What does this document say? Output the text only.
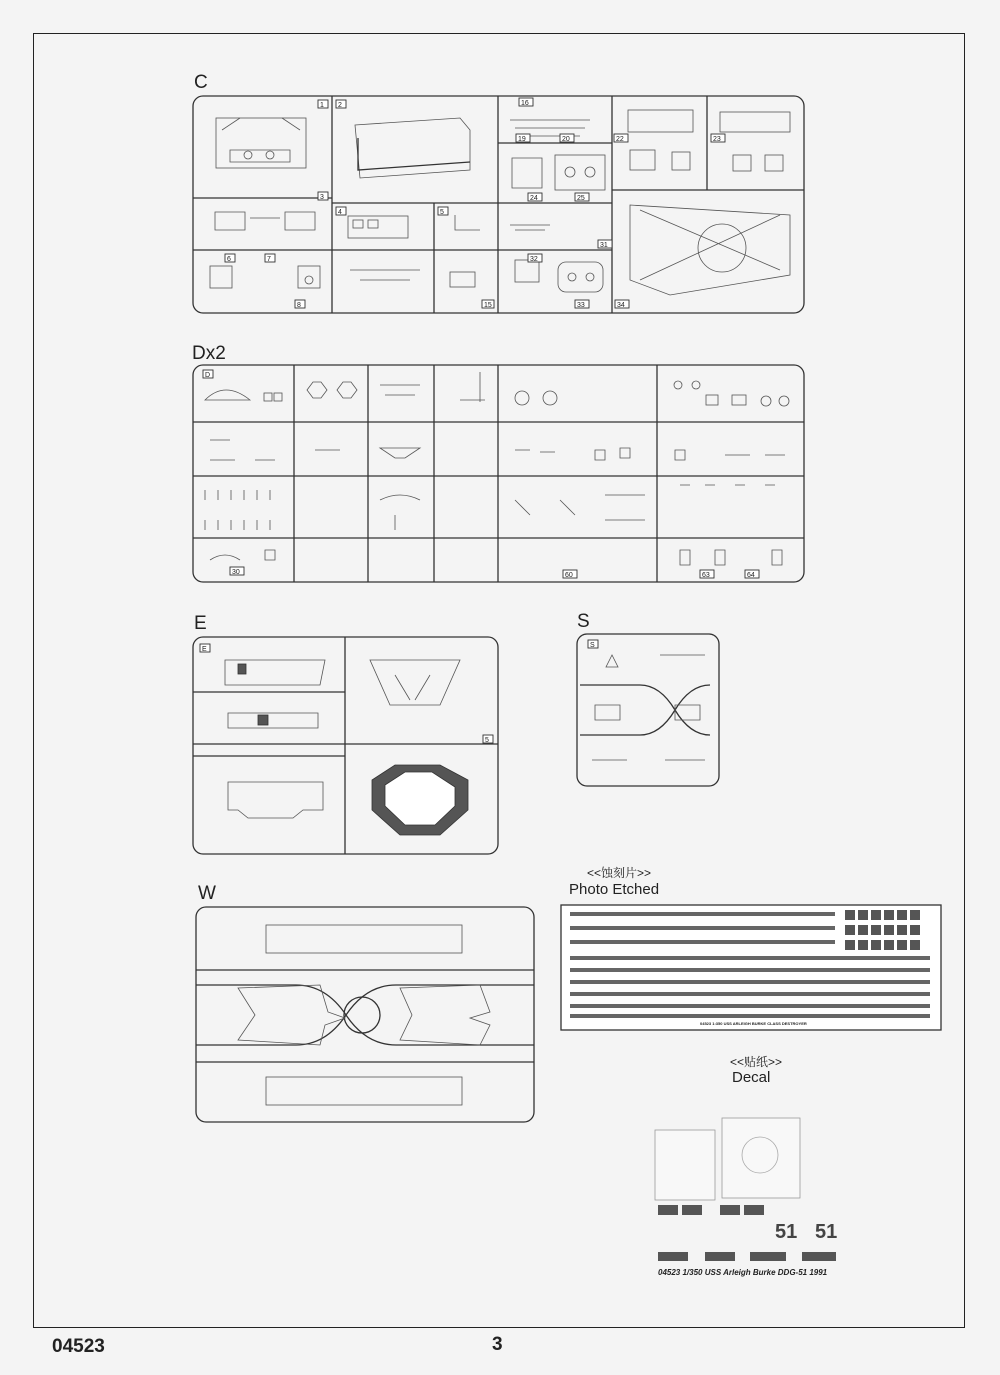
C
Dx2
E	S
W
<<蚀刻片>>
Photo Etched
<<贴纸>>
Decal
04523	3
1 2
3
4	5
6	7
8	15
16
19	20	22	23
24	25
31
32
33	34
D
30	60	63	64
E
5
S
04523 1:350 USS ARLEIGH BURKE CLASS DESTROYER
51 51
04523 1/350 USS Arleigh Burke DDG-51 1991
